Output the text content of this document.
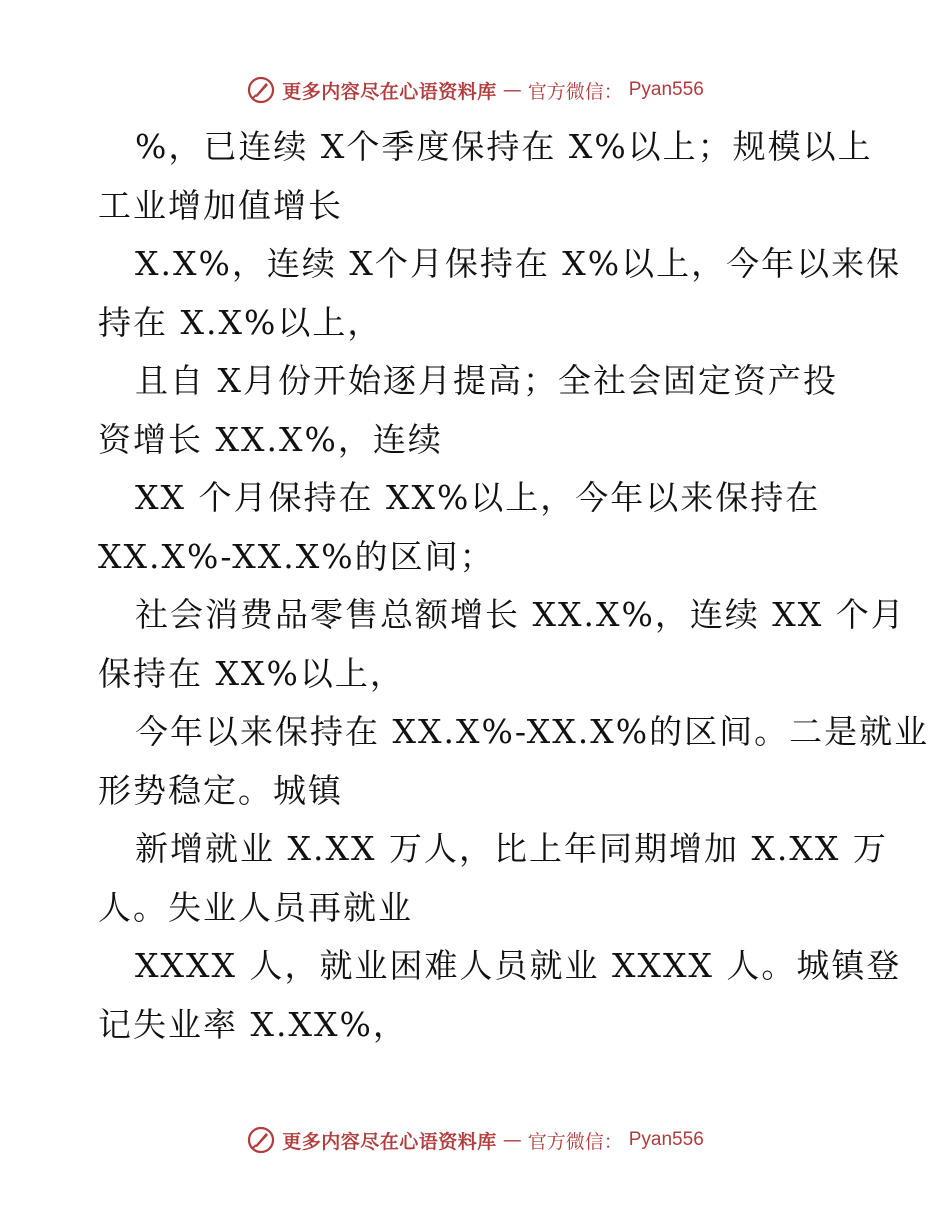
更多内容尽在心语资料库 — 官方微信： Pyan556

%，已连续 X个季度保持在 X%以上；规模以上
工业增加值增长

X.X%，连续 X个月保持在 X%以上，今年以来保
持在 X.X%以上，

且自 X月份开始逐月提高；全社会固定资产投
资增长 XX.X%，连续

XX 个月保持在 XX%以上，今年以来保持在
XX.X%-XX.X%的区间；

社会消费品零售总额增长 XX.X%，连续 XX 个月
保持在 XX%以上，

今年以来保持在 XX.X%-XX.X%的区间。二是就业
形势稳定。城镇

新增就业 X.XX 万人，比上年同期增加 X.XX 万
人。失业人员再就业

XXXX 人，就业困难人员就业 XXXX 人。城镇登
记失业率 X.XX%，

更多内容尽在心语资料库 — 官方微信： Pyan556
